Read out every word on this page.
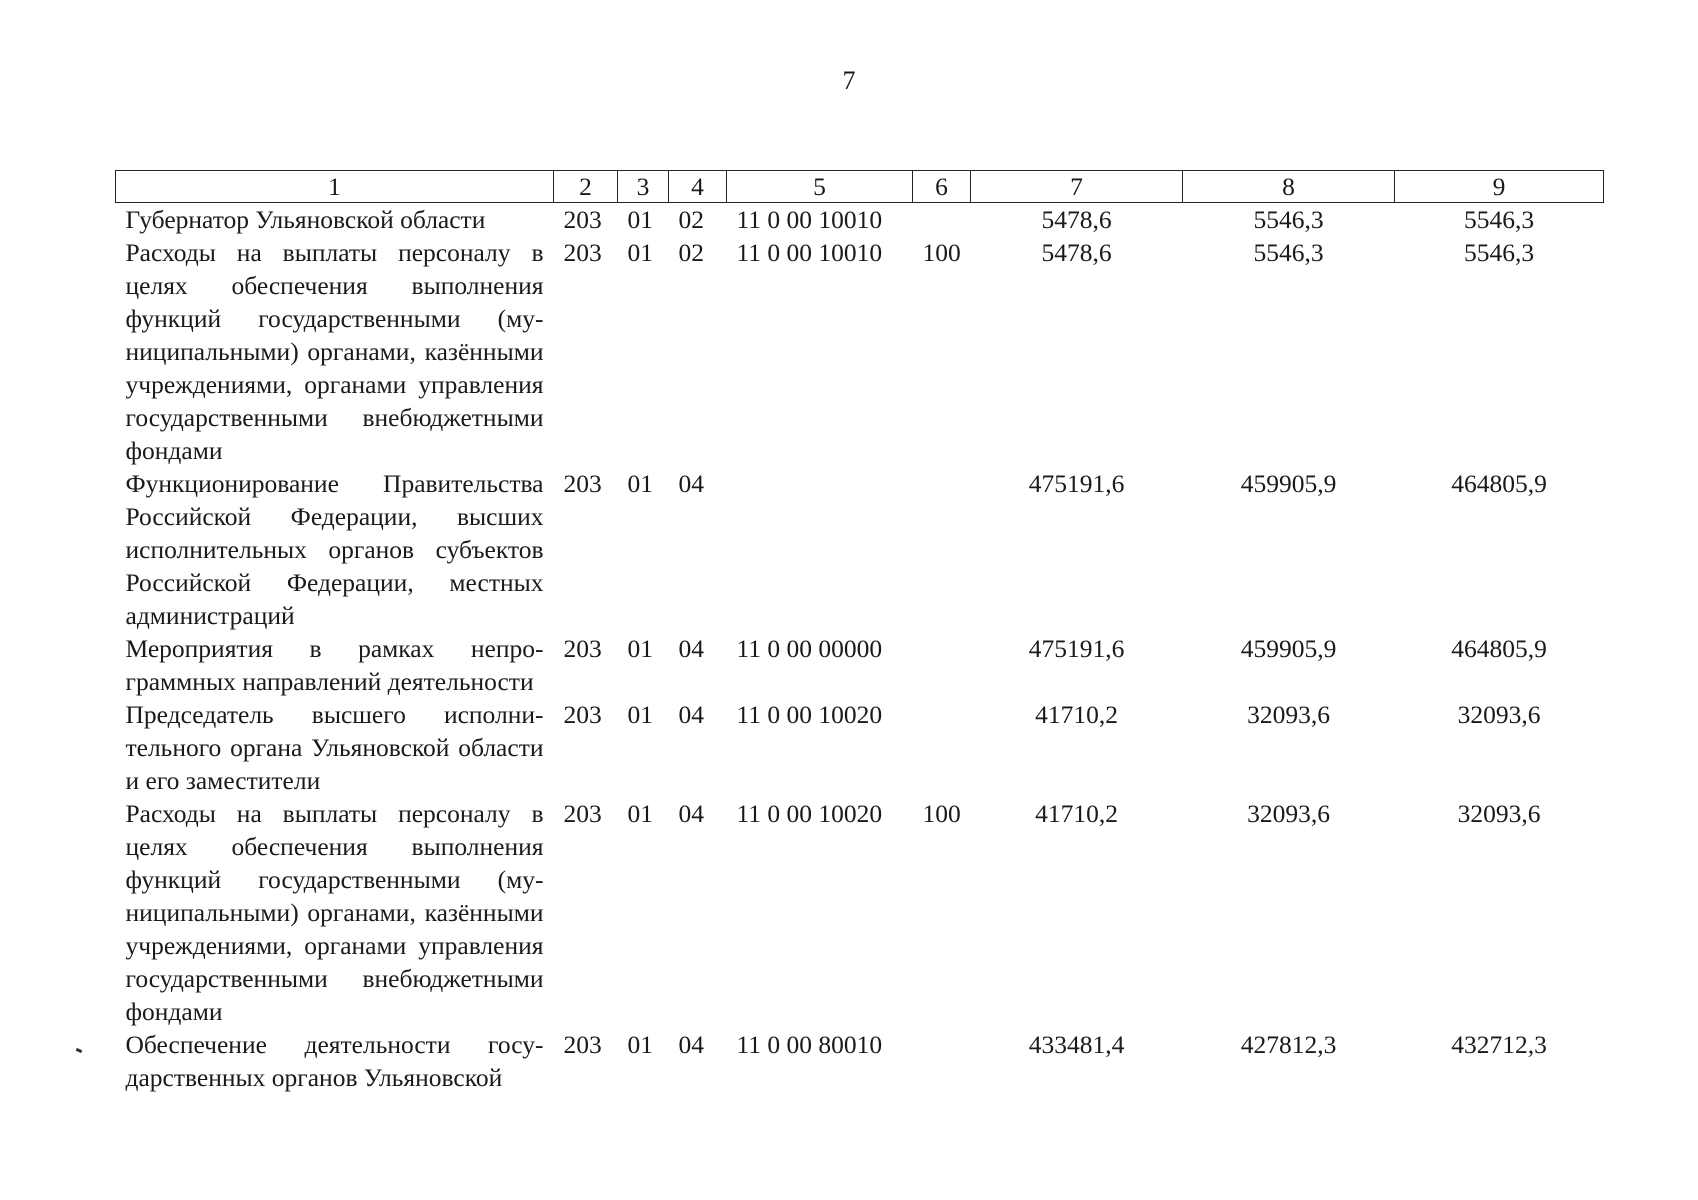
7
1	2	3	4	5	6	7	8	9
Губернатор Ульяновской области	203	01	02	11 0 00 10010		5478,6	5546,3	5546,3
Расходы на выплаты персоналу в целях обеспечения выполнения функций государственными (муниципальными) органами, казёнными учреждениями, органами управления государственными внебюджетными фондами	203	01	02	11 0 00 10010	100	5478,6	5546,3	5546,3
Функционирование Правительства Российской Федерации, высших исполнительных органов субъектов Российской Федерации, местных администраций	203	01	04			475191,6	459905,9	464805,9
Мероприятия в рамках непрограммных направлений деятельности	203	01	04	11 0 00 00000		475191,6	459905,9	464805,9
Председатель высшего исполнительного органа Ульяновской области и его заместители	203	01	04	11 0 00 10020		41710,2	32093,6	32093,6
Расходы на выплаты персоналу в целях обеспечения выполнения функций государственными (муниципальными) органами, казёнными учреждениями, органами управления государственными внебюджетными фондами	203	01	04	11 0 00 10020	100	41710,2	32093,6	32093,6
Обеспечение деятельности государственных органов Ульяновской	203	01	04	11 0 00 80010		433481,4	427812,3	432712,3
